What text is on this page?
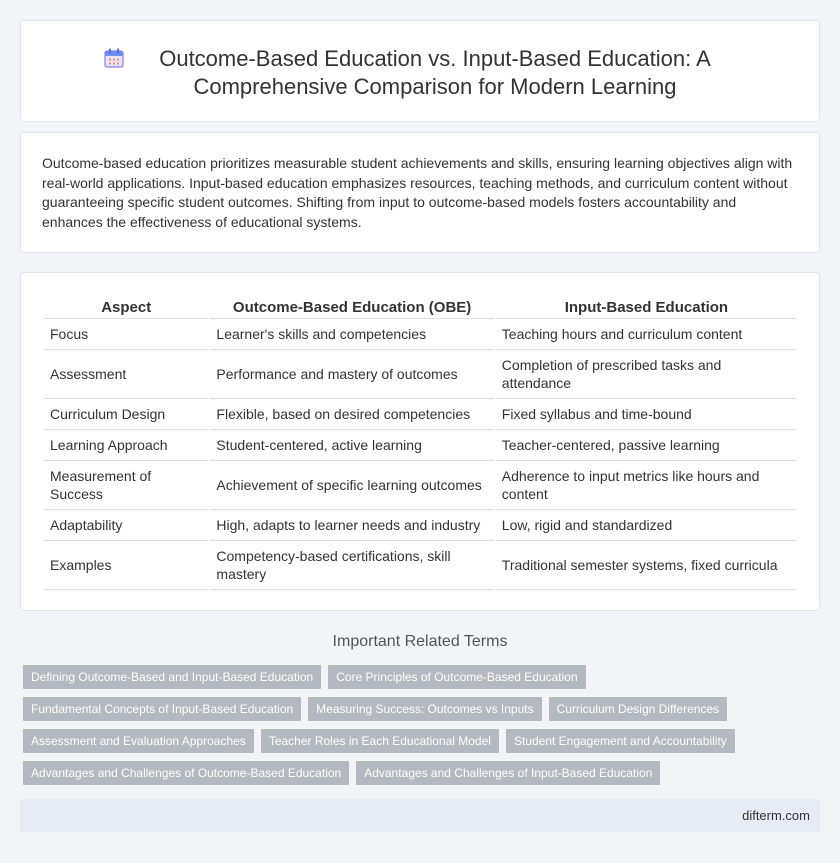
Outcome-Based Education vs. Input-Based Education: A Comprehensive Comparison for Modern Learning

Outcome-based education prioritizes measurable student achievements and skills, ensuring learning objectives align with real-world applications. Input-based education emphasizes resources, teaching methods, and curriculum content without guaranteeing specific student outcomes. Shifting from input to outcome-based models fosters accountability and enhances the effectiveness of educational systems.

Aspect	Outcome-Based Education (OBE)	Input-Based Education
Focus	Learner's skills and competencies	Teaching hours and curriculum content
Assessment	Performance and mastery of outcomes	Completion of prescribed tasks and attendance
Curriculum Design	Flexible, based on desired competencies	Fixed syllabus and time-bound
Learning Approach	Student-centered, active learning	Teacher-centered, passive learning
Measurement of Success	Achievement of specific learning outcomes	Adherence to input metrics like hours and content
Adaptability	High, adapts to learner needs and industry	Low, rigid and standardized
Examples	Competency-based certifications, skill mastery	Traditional semester systems, fixed curricula
Important Related Terms
Defining Outcome-Based and Input-Based Education	Core Principles of Outcome-Based Education
Fundamental Concepts of Input-Based Education	Measuring Success: Outcomes vs Inputs	Curriculum Design Differences
Assessment and Evaluation Approaches	Teacher Roles in Each Educational Model	Student Engagement and Accountability
Advantages and Challenges of Outcome-Based Education	Advantages and Challenges of Input-Based Education
difterm.com
